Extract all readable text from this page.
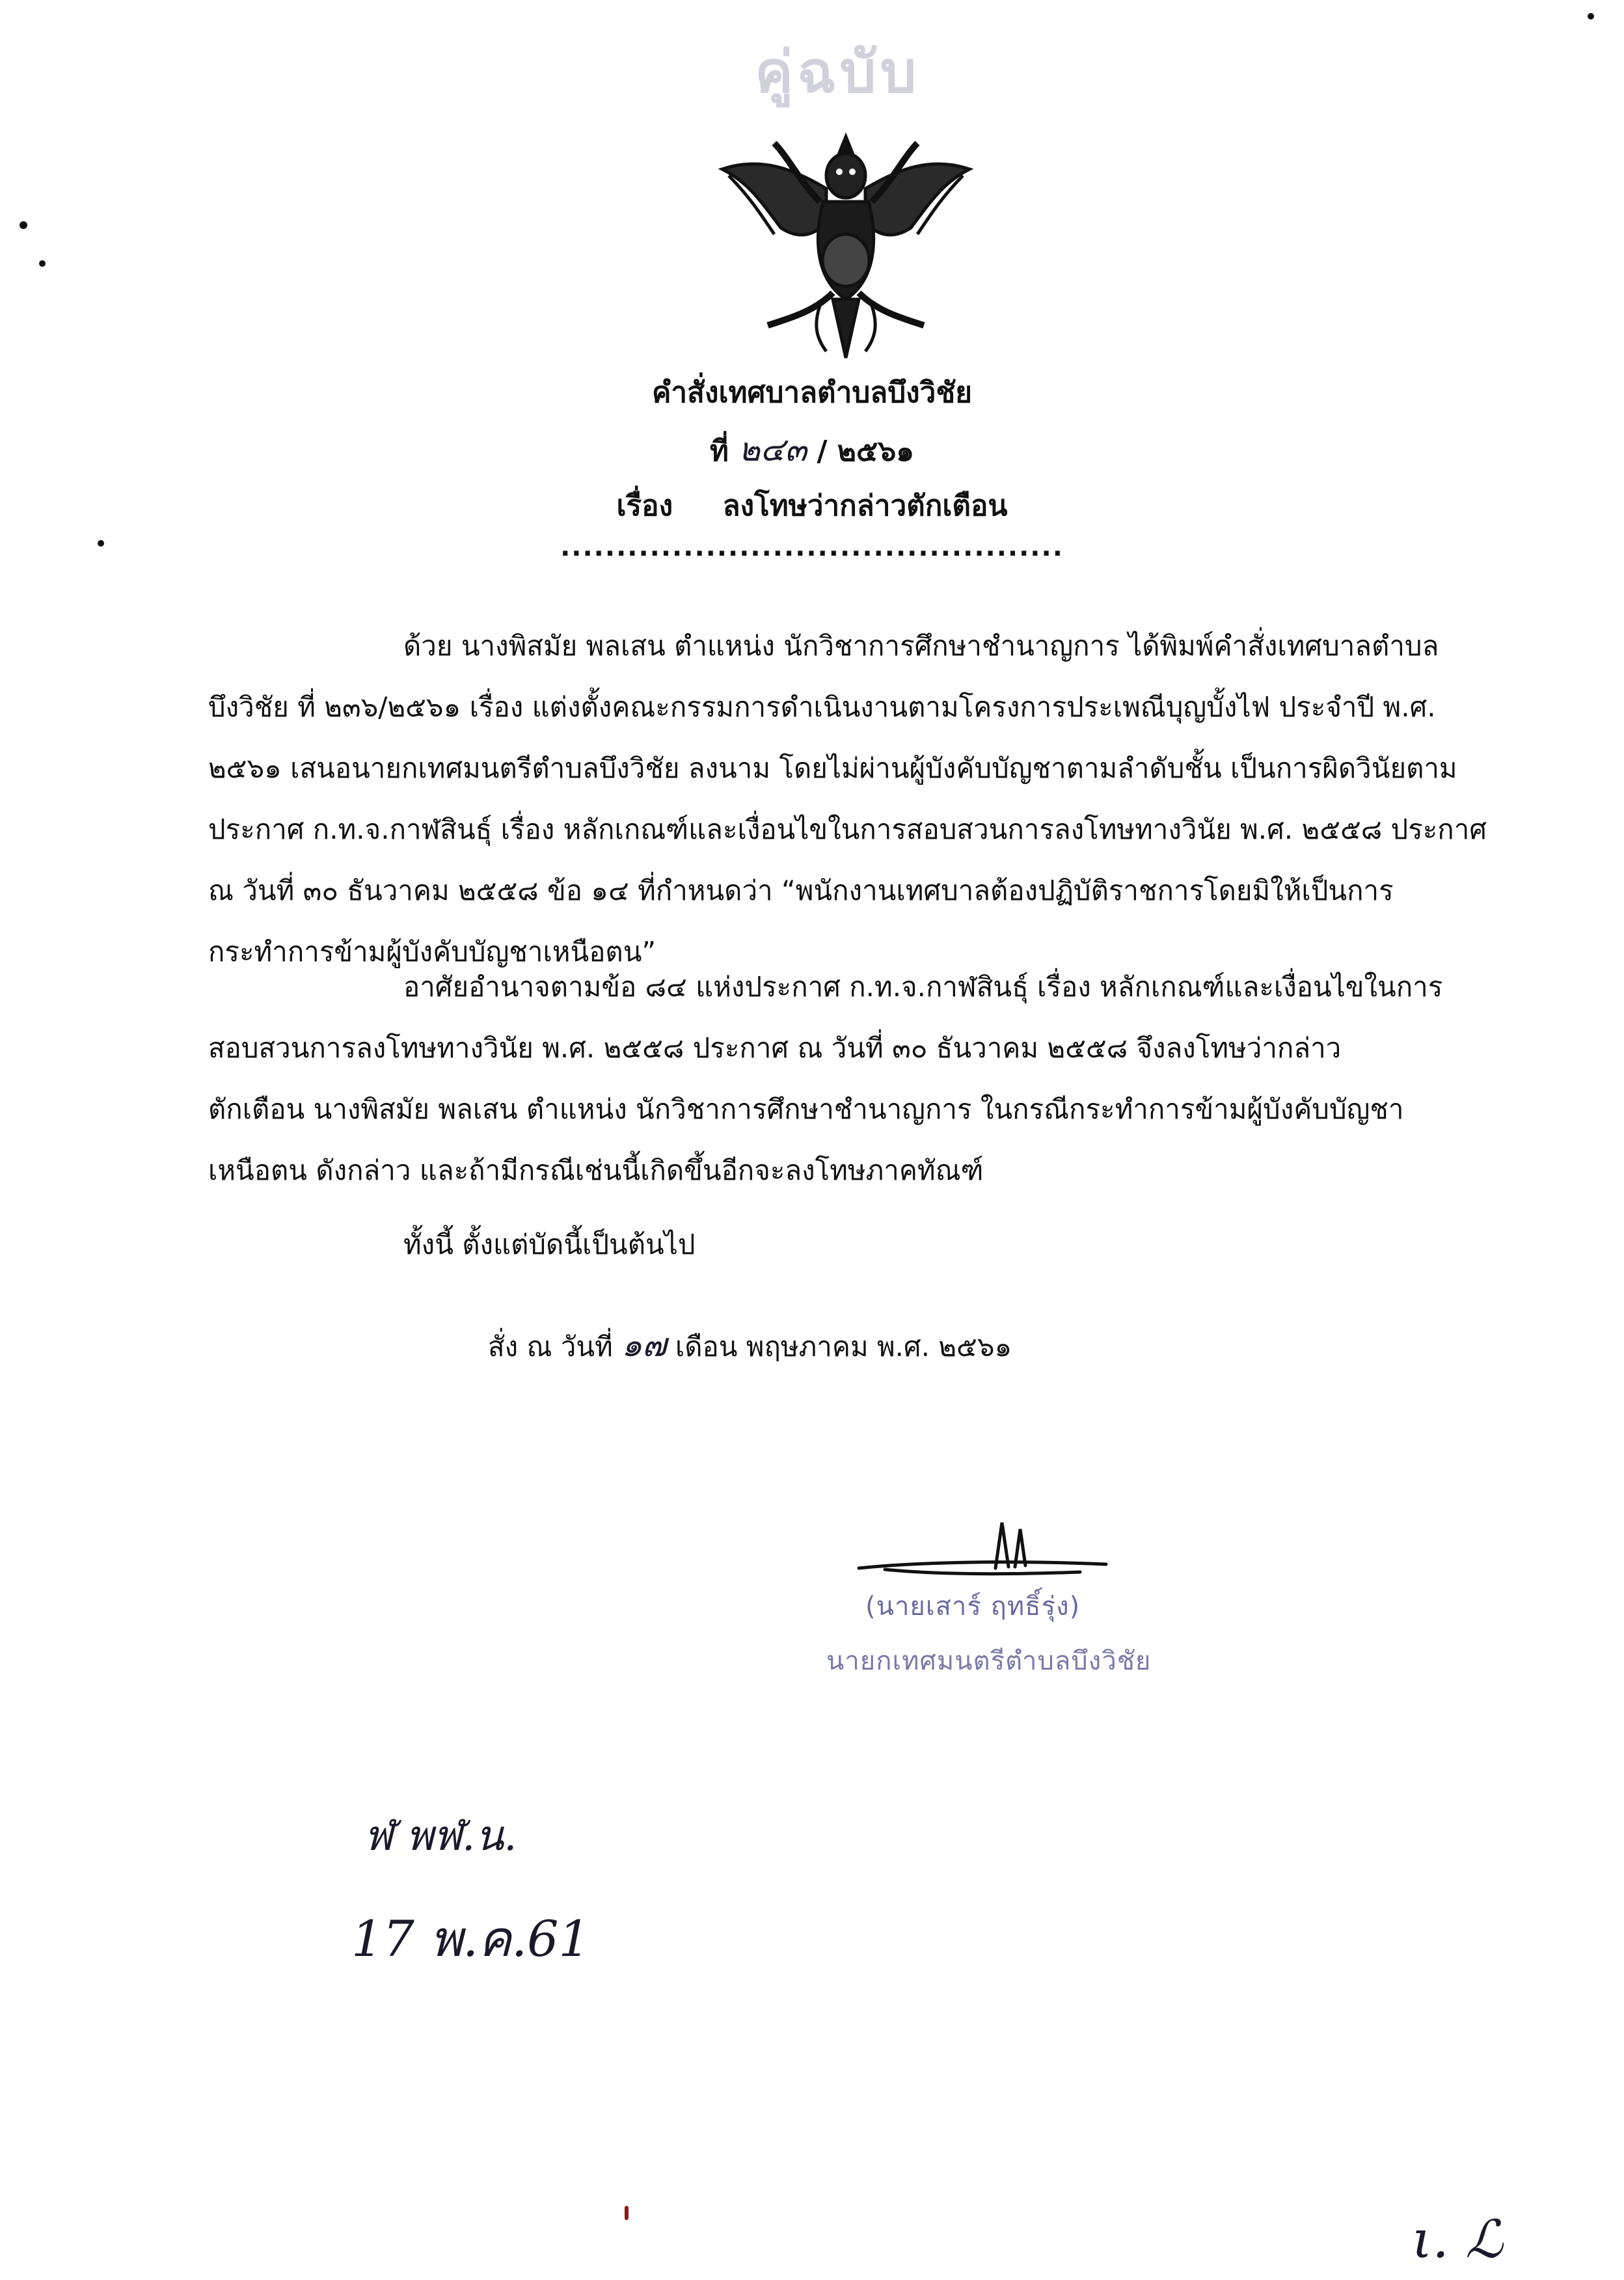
คู่ฉบับ
คำสั่งเทศบาลตำบลบึงวิชัย
ที่ ๒๔๓ / ๒๕๖๑
เรื่อง ลงโทษว่ากล่าวตักเตือน
.............................................
ด้วย นางพิสมัย พลเสน ตำแหน่ง นักวิชาการศึกษาชำนาญการ ได้พิมพ์คำสั่งเทศบาลตำบล
บึงวิชัย ที่ ๒๓๖/๒๕๖๑ เรื่อง แต่งตั้งคณะกรรมการดำเนินงานตามโครงการประเพณีบุญบั้งไฟ ประจำปี พ.ศ.
๒๕๖๑ เสนอนายกเทศมนตรีตำบลบึงวิชัย ลงนาม โดยไม่ผ่านผู้บังคับบัญชาตามลำดับชั้น เป็นการผิดวินัยตาม
ประกาศ ก.ท.จ.กาฬสินธุ์ เรื่อง หลักเกณฑ์และเงื่อนไขในการสอบสวนการลงโทษทางวินัย พ.ศ. ๒๕๕๘ ประกาศ
ณ วันที่ ๓๐ ธันวาคม ๒๕๕๘ ข้อ ๑๔ ที่กำหนดว่า “พนักงานเทศบาลต้องปฏิบัติราชการโดยมิให้เป็นการ
กระทำการข้ามผู้บังคับบัญชาเหนือตน”
อาศัยอำนาจตามข้อ ๘๔ แห่งประกาศ ก.ท.จ.กาฬสินธุ์ เรื่อง หลักเกณฑ์และเงื่อนไขในการ
สอบสวนการลงโทษทางวินัย พ.ศ. ๒๕๕๘ ประกาศ ณ วันที่ ๓๐ ธันวาคม ๒๕๕๘ จึงลงโทษว่ากล่าว
ตักเตือน นางพิสมัย พลเสน ตำแหน่ง นักวิชาการศึกษาชำนาญการ ในกรณีกระทำการข้ามผู้บังคับบัญชา
เหนือตน ดังกล่าว และถ้ามีกรณีเช่นนี้เกิดขึ้นอีกจะลงโทษภาคทัณฑ์
ทั้งนี้ ตั้งแต่บัดนี้เป็นต้นไป
สั่ง ณ วันที่ ๑๗ เดือน พฤษภาคม พ.ศ. ๒๕๖๑
(นายเสาร์ ฤทธิ์รุ่ง)
นายกเทศมนตรีตำบลบึงวิชัย
ฬ พฬ.น.
17 พ.ค.61
ι. ℒ
